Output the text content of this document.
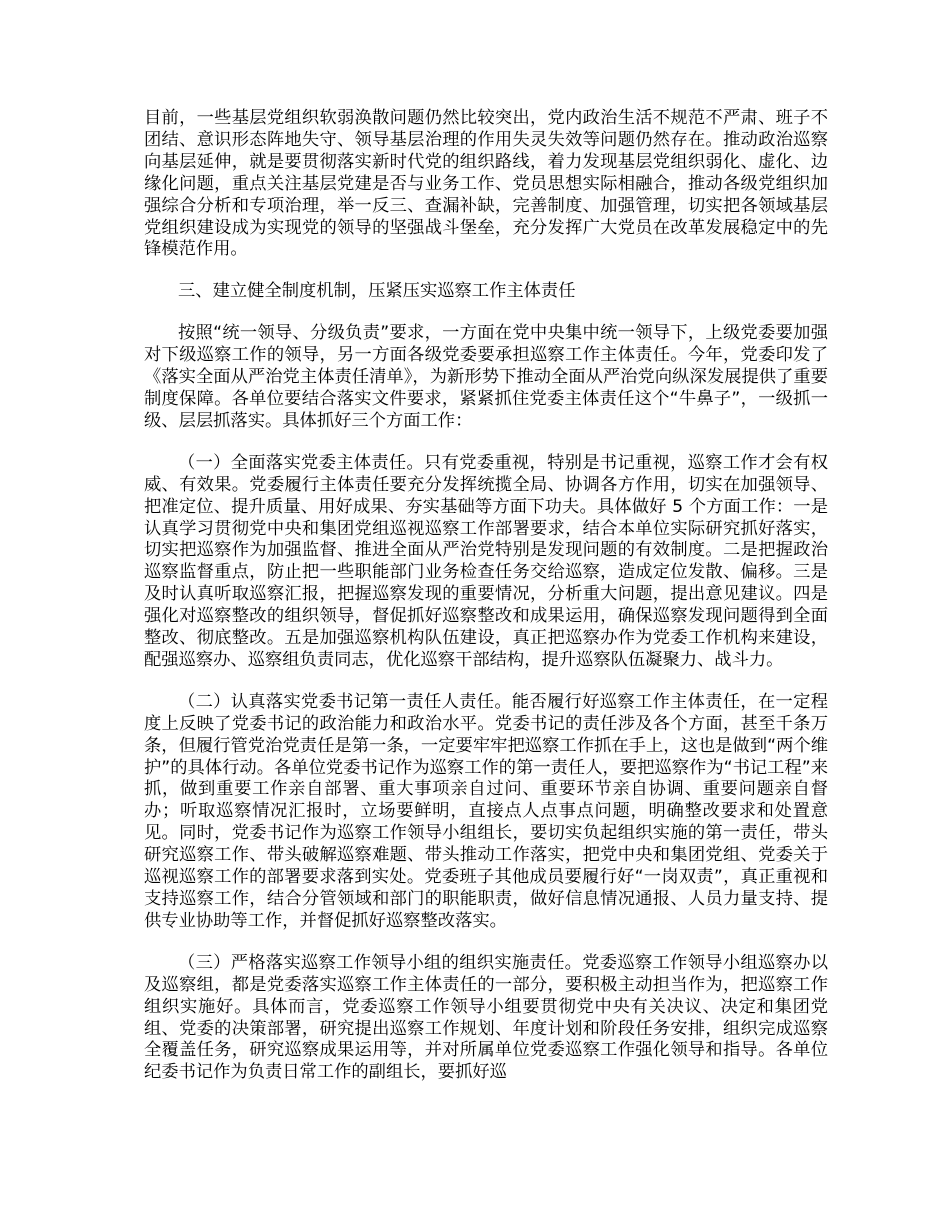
目前，一些基层党组织软弱涣散问题仍然比较突出，党内政治生活不规范不严肃、班子不团结、意识形态阵地失守、领导基层治理的作用失灵失效等问题仍然存在。推动政治巡察向基层延伸，就是要贯彻落实新时代党的组织路线，着力发现基层党组织弱化、虚化、边缘化问题，重点关注基层党建是否与业务工作、党员思想实际相融合，推动各级党组织加强综合分析和专项治理，举一反三、查漏补缺，完善制度、加强管理，切实把各领域基层党组织建设成为实现党的领导的坚强战斗堡垒，充分发挥广大党员在改革发展稳定中的先锋模范作用。

三、建立健全制度机制，压紧压实巡察工作主体责任

按照“统一领导、分级负责”要求，一方面在党中央集中统一领导下，上级党委要加强对下级巡察工作的领导，另一方面各级党委要承担巡察工作主体责任。今年，党委印发了《落实全面从严治党主体责任清单》，为新形势下推动全面从严治党向纵深发展提供了重要制度保障。各单位要结合落实文件要求，紧紧抓住党委主体责任这个“牛鼻子”，一级抓一级、层层抓落实。具体抓好三个方面工作：

（一）全面落实党委主体责任。只有党委重视，特别是书记重视，巡察工作才会有权威、有效果。党委履行主体责任要充分发挥统揽全局、协调各方作用，切实在加强领导、把准定位、提升质量、用好成果、夯实基础等方面下功夫。具体做好 5 个方面工作：一是认真学习贯彻党中央和集团党组巡视巡察工作部署要求，结合本单位实际研究抓好落实，切实把巡察作为加强监督、推进全面从严治党特别是发现问题的有效制度。二是把握政治巡察监督重点，防止把一些职能部门业务检查任务交给巡察，造成定位发散、偏移。三是及时认真听取巡察汇报，把握巡察发现的重要情况，分析重大问题，提出意见建议。四是强化对巡察整改的组织领导，督促抓好巡察整改和成果运用，确保巡察发现问题得到全面整改、彻底整改。五是加强巡察机构队伍建设，真正把巡察办作为党委工作机构来建设，配强巡察办、巡察组负责同志，优化巡察干部结构，提升巡察队伍凝聚力、战斗力。

（二）认真落实党委书记第一责任人责任。能否履行好巡察工作主体责任，在一定程度上反映了党委书记的政治能力和政治水平。党委书记的责任涉及各个方面，甚至千条万条，但履行管党治党责任是第一条，一定要牢牢把巡察工作抓在手上，这也是做到“两个维护”的具体行动。各单位党委书记作为巡察工作的第一责任人，要把巡察作为“书记工程”来抓，做到重要工作亲自部署、重大事项亲自过问、重要环节亲自协调、重要问题亲自督办；听取巡察情况汇报时，立场要鲜明，直接点人点事点问题，明确整改要求和处置意见。同时，党委书记作为巡察工作领导小组组长，要切实负起组织实施的第一责任，带头研究巡察工作、带头破解巡察难题、带头推动工作落实，把党中央和集团党组、党委关于巡视巡察工作的部署要求落到实处。党委班子其他成员要履行好“一岗双责”，真正重视和支持巡察工作，结合分管领域和部门的职能职责，做好信息情况通报、人员力量支持、提供专业协助等工作，并督促抓好巡察整改落实。

（三）严格落实巡察工作领导小组的组织实施责任。党委巡察工作领导小组巡察办以及巡察组，都是党委落实巡察工作主体责任的一部分，要积极主动担当作为，把巡察工作组织实施好。具体而言，党委巡察工作领导小组要贯彻党中央有关决议、决定和集团党组、党委的决策部署，研究提出巡察工作规划、年度计划和阶段任务安排，组织完成巡察全覆盖任务，研究巡察成果运用等，并对所属单位党委巡察工作强化领导和指导。各单位纪委书记作为负责日常工作的副组长，要抓好巡
